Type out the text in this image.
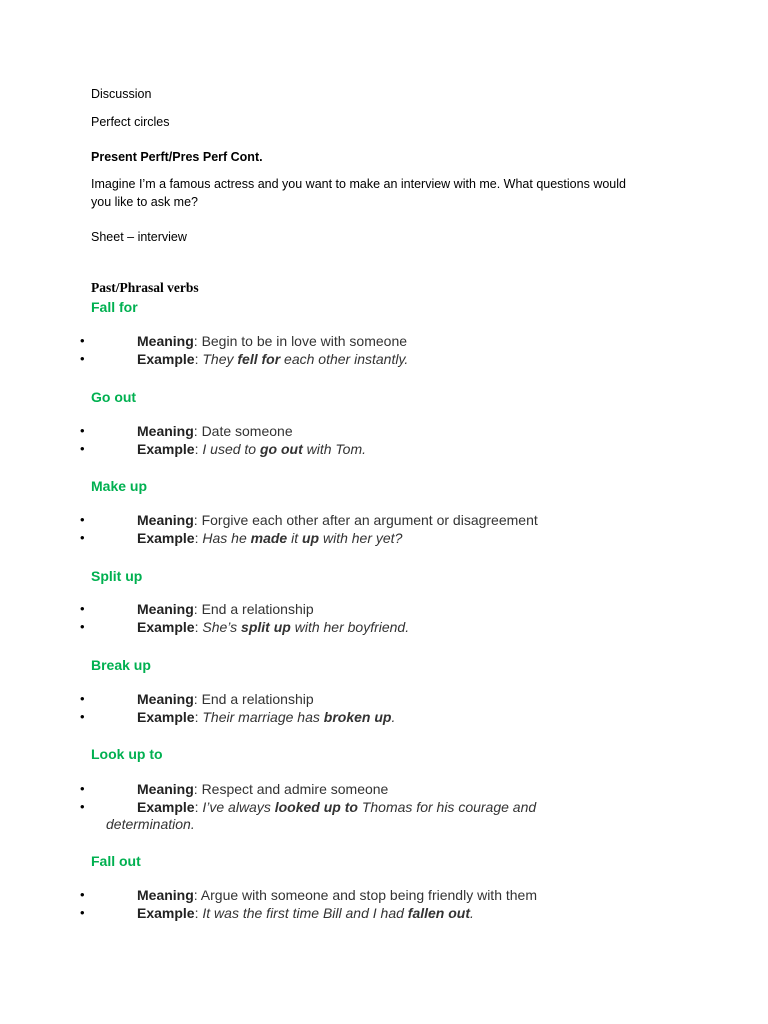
Discussion
Perfect circles
Present Perft/Pres Perf Cont.
Imagine I’m a famous actress and you want to make an interview with me. What questions would
you like to ask me?
Sheet – interview
Past/Phrasal verbs
Fall for
•	Meaning: Begin to be in love with someone
•	Example: They fell for each other instantly.
Go out
•	Meaning: Date someone
•	Example: I used to go out with Tom.
Make up
•	Meaning: Forgive each other after an argument or disagreement
•	Example: Has he made it up with her yet?
Split up
•	Meaning: End a relationship
•	Example: She’s split up with her boyfriend.
Break up
•	Meaning: End a relationship
•	Example: Their marriage has broken up.
Look up to
•	Meaning: Respect and admire someone
•	Example: I’ve always looked up to Thomas for his courage and
determination.
Fall out
•	Meaning: Argue with someone and stop being friendly with them
•	Example: It was the first time Bill and I had fallen out.
